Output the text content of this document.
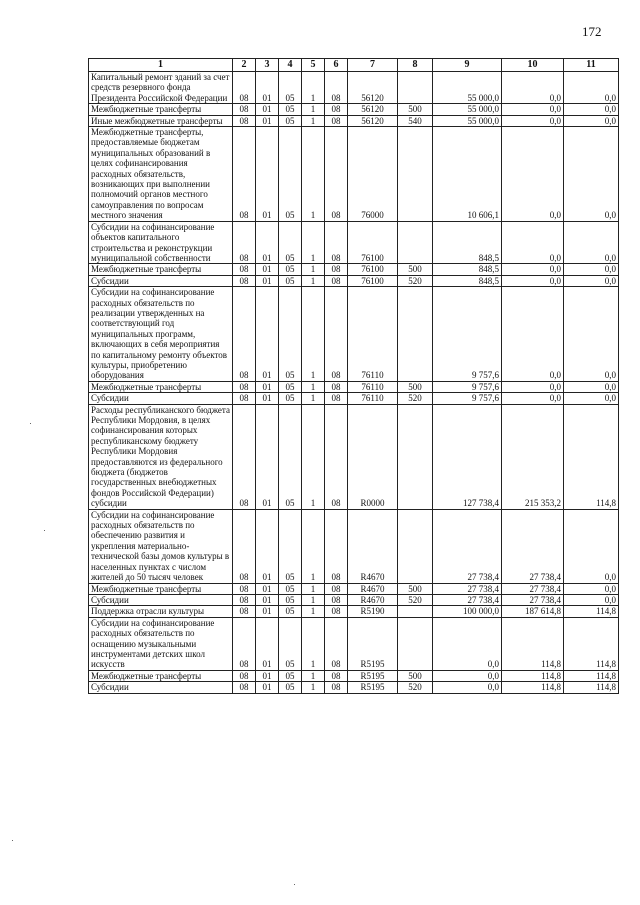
172
1	2	3	4	5	6	7	8	9	10	11
Капитальный ремонт зданий за счет средств резервного фонда Президента Российской Федерации	08	01	05	1	08	56120		55 000,0	0,0	0,0
Межбюджетные трансферты	08	01	05	1	08	56120	500	55 000,0	0,0	0,0
Иные межбюджетные трансферты	08	01	05	1	08	56120	540	55 000,0	0,0	0,0
Межбюджетные трансферты, предоставляемые бюджетам муниципальных образований в целях софинансирования расходных обязательств, возникающих при выполнении полномочий органов местного самоуправления по вопросам местного значения	08	01	05	1	08	76000		10 606,1	0,0	0,0
Субсидии на софинансирование объектов капитального строительства и реконструкции муниципальной собственности	08	01	05	1	08	76100		848,5	0,0	0,0
Межбюджетные трансферты	08	01	05	1	08	76100	500	848,5	0,0	0,0
Субсидии	08	01	05	1	08	76100	520	848,5	0,0	0,0
Субсидии на софинансирование расходных обязательств по реализации утвержденных на соответствующий год муниципальных программ, включающих в себя мероприятия по капитальному ремонту объектов культуры, приобретению оборудования	08	01	05	1	08	76110		9 757,6	0,0	0,0
Межбюджетные трансферты	08	01	05	1	08	76110	500	9 757,6	0,0	0,0
Субсидии	08	01	05	1	08	76110	520	9 757,6	0,0	0,0
Расходы республиканского бюджета Республики Мордовия, в целях софинансирования которых республиканскому бюджету Республики Мордовия предоставляются из федерального бюджета (бюджетов государственных внебюджетных фондов Российской Федерации) субсидии	08	01	05	1	08	R0000		127 738,4	215 353,2	114,8
Субсидии на софинансирование расходных обязательств по обеспечению развития и укрепления материально-технической базы домов культуры в населенных пунктах с числом жителей до 50 тысяч человек	08	01	05	1	08	R4670		27 738,4	27 738,4	0,0
Межбюджетные трансферты	08	01	05	1	08	R4670	500	27 738,4	27 738,4	0,0
Субсидии	08	01	05	1	08	R4670	520	27 738,4	27 738,4	0,0
Поддержка отрасли культуры	08	01	05	1	08	R5190		100 000,0	187 614,8	114,8
Субсидии на софинансирование расходных обязательств по оснащению музыкальными инструментами детских школ искусств	08	01	05	1	08	R5195		0,0	114,8	114,8
Межбюджетные трансферты	08	01	05	1	08	R5195	500	0,0	114,8	114,8
Субсидии	08	01	05	1	08	R5195	520	0,0	114,8	114,8
